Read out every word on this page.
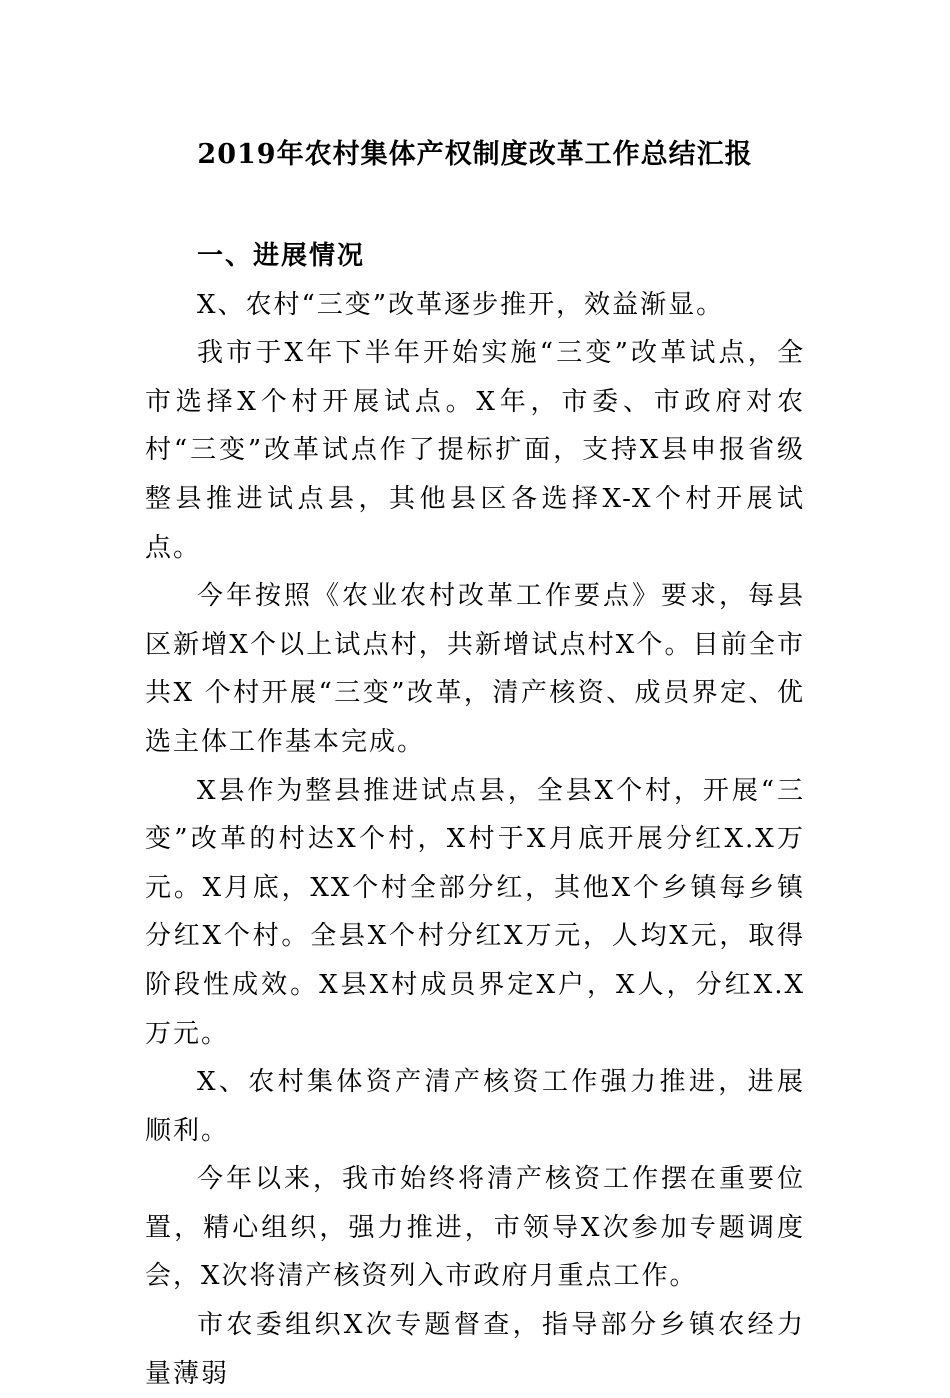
2019年农村集体产权制度改革工作总结汇报

一、进展情况

X、农村“三变”改革逐步推开，效益渐显。

我市于X年下半年开始实施“三变”改革试点，全市选择X个村开展试点。X年，市委、市政府对农村“三变”改革试点作了提标扩面，支持X县申报省级整县推进试点县，其他县区各选择X-X个村开展试点。

今年按照《农业农村改革工作要点》要求，每县区新增X个以上试点村，共新增试点村X个。目前全市共X 个村开展“三变”改革，清产核资、成员界定、优选主体工作基本完成。

X县作为整县推进试点县，全县X个村，开展“三变”改革的村达X个村，X村于X月底开展分红X.X万元。X月底，XX个村全部分红，其他X个乡镇每乡镇分红X个村。全县X个村分红X万元，人均X元，取得阶段性成效。X县X村成员界定X户，X人，分红X.X万元。

X、农村集体资产清产核资工作强力推进，进展顺利。

今年以来，我市始终将清产核资工作摆在重要位置，精心组织，强力推进，市领导X次参加专题调度会，X次将清产核资列入市政府月重点工作。

市农委组织X次专题督查，指导部分乡镇农经力量薄弱
